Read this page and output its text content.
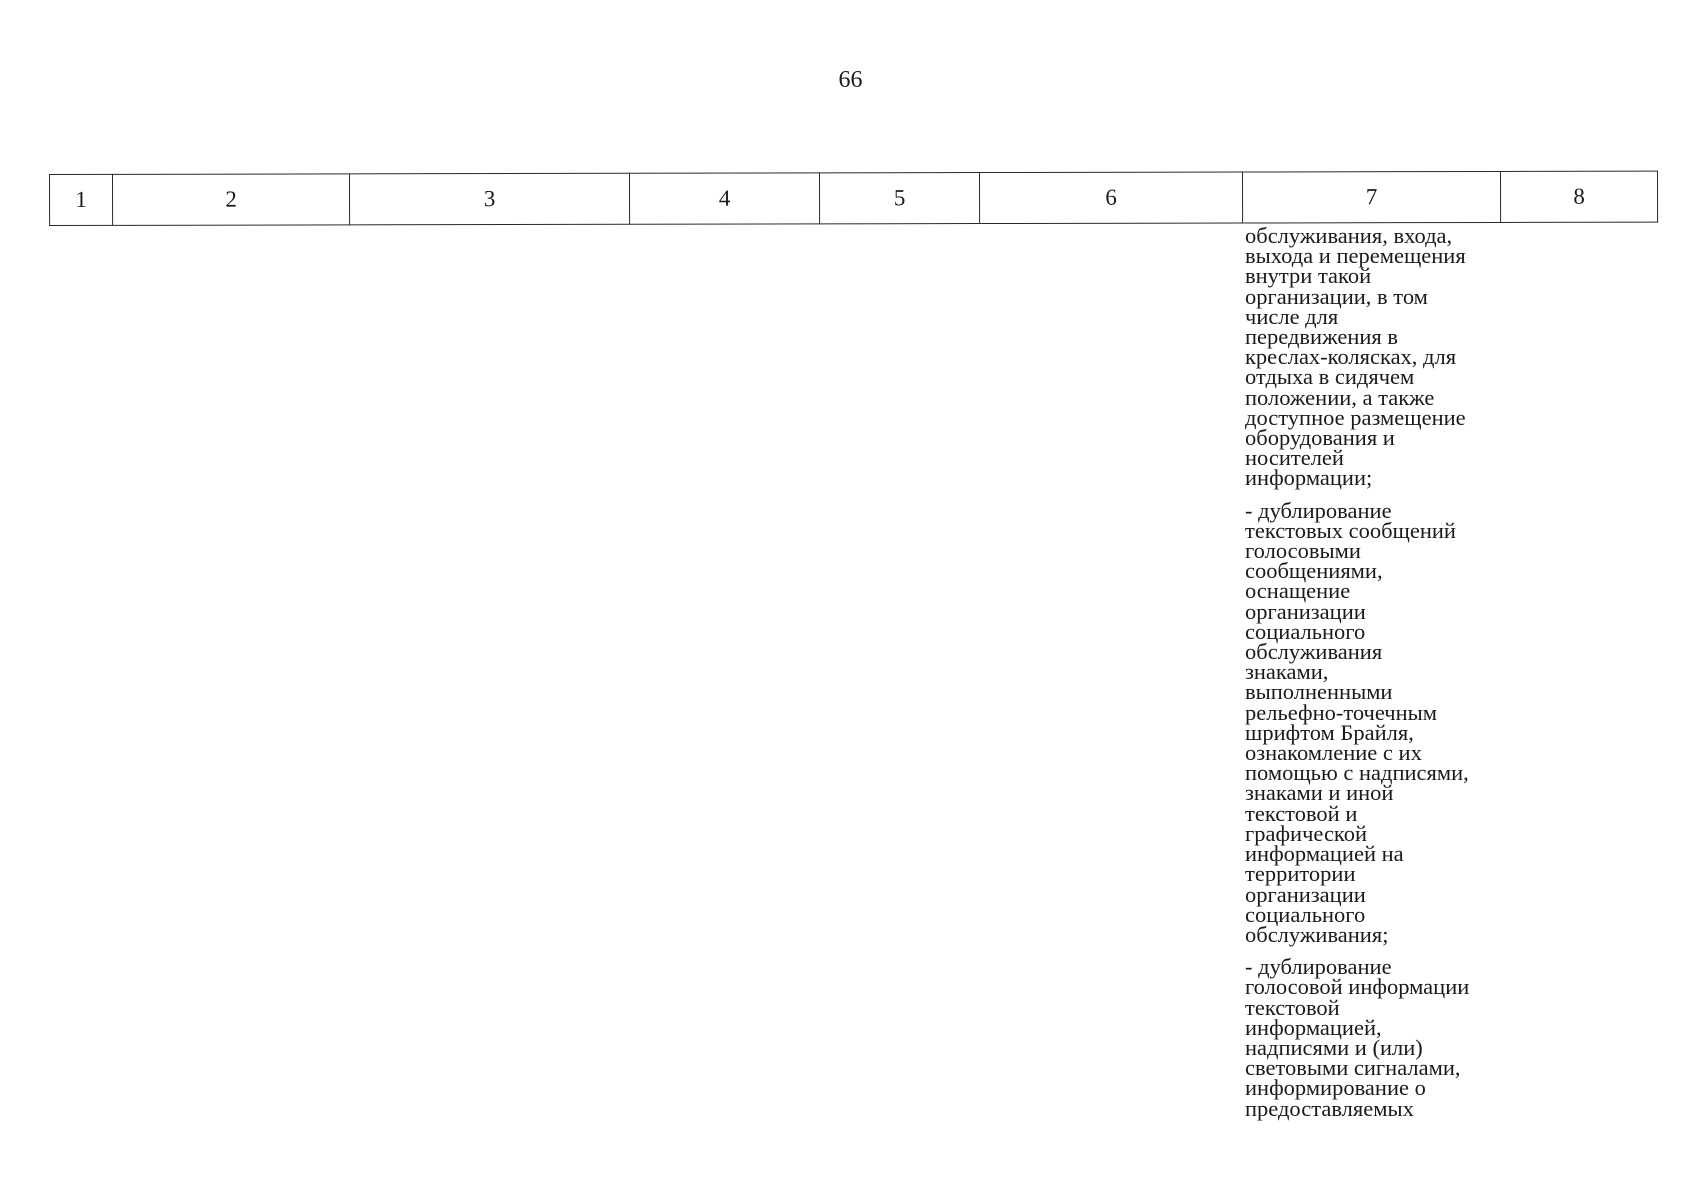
66
1	2	3	4	5	6	7	8

обслуживания, входа,
выхода и перемещения
внутри такой
организации, в том
числе для
передвижения в
креслах-колясках, для
отдыха в сидячем
положении, а также
доступное размещение
оборудования и
носителей
информации;

- дублирование
текстовых сообщений
голосовыми
сообщениями,
оснащение
организации
социального
обслуживания
знаками,
выполненными
рельефно-точечным
шрифтом Брайля,
ознакомление с их
помощью с надписями,
знаками и иной
текстовой и
графической
информацией на
территории
организации
социального
обслуживания;

- дублирование
голосовой информации
текстовой
информацией,
надписями и (или)
световыми сигналами,
информирование о
предоставляемых
